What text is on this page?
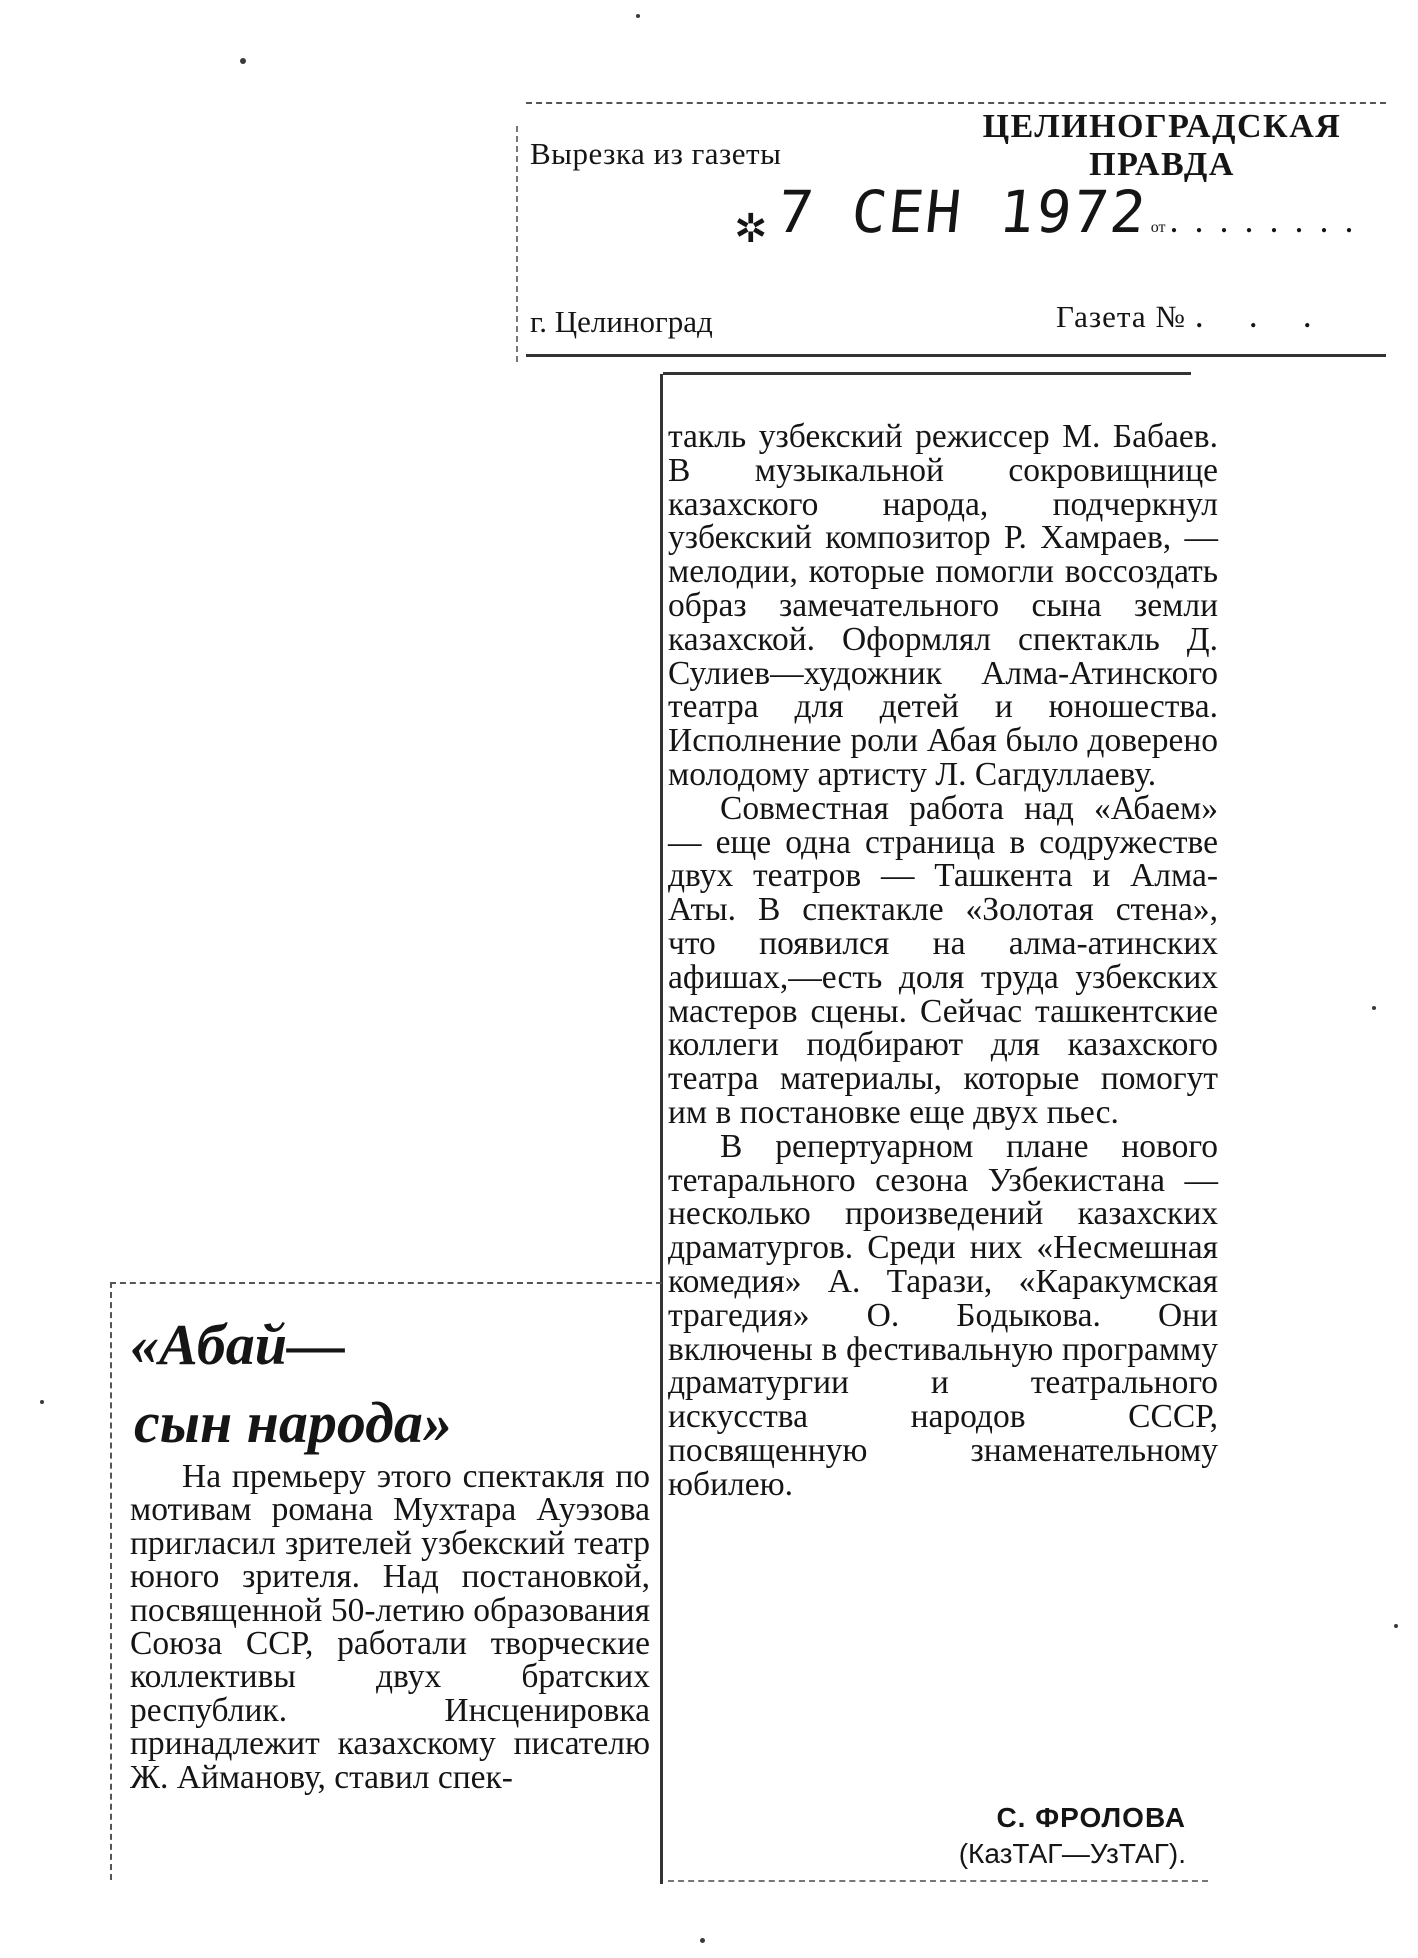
Вырезка из газеты
ЦЕЛИНОГРАДСКАЯ ПРАВДА
✲ 7 СЕН 1972от ........
г. Целиноград	Газета № . . .

такль узбекский режиссер М. Бабаев. В музыкальной сокровищнице казахского народа, подчеркнул узбекский композитор Р. Хамраев, — мелодии, которые помогли воссоздать образ замечательного сына земли казахской. Оформлял спектакль Д. Сулиев—художник Алма-Атинского театра для детей и юношества. Исполнение роли Абая было доверено молодому артисту Л. Сагдуллаеву.

Совместная работа над «Абаем» — еще одна страница в содружестве двух театров — Ташкента и Алма-Аты. В спектакле «Золотая стена», что появился на алма-атинских афишах,—есть доля труда узбекских мастеров сцены. Сейчас ташкентские коллеги подбирают для казахского театра материалы, которые помогут им в постановке еще двух пьес.

В репертуарном плане нового тетарального сезона Узбекистана — несколько произведений казахских драматургов. Среди них «Несмешная комедия» А. Тарази, «Каракумская трагедия» О. Бодыкова. Они включены в фестивальную программу драматургии и театрального искусства народов СССР, посвященную знаменательному юбилею.

«Абай—
сын народа»

На премьеру этого спектакля по мотивам романа Мухтара Ауэзова пригласил зрителей узбекский театр юного зрителя. Над постановкой, посвященной 50-летию образования Союза ССР, работали творческие коллективы двух братских республик. Инсценировка принадлежит казахскому писателю Ж. Айманову, ставил спек-

С. ФРОЛОВА
(КазТАГ—УзТАГ).
